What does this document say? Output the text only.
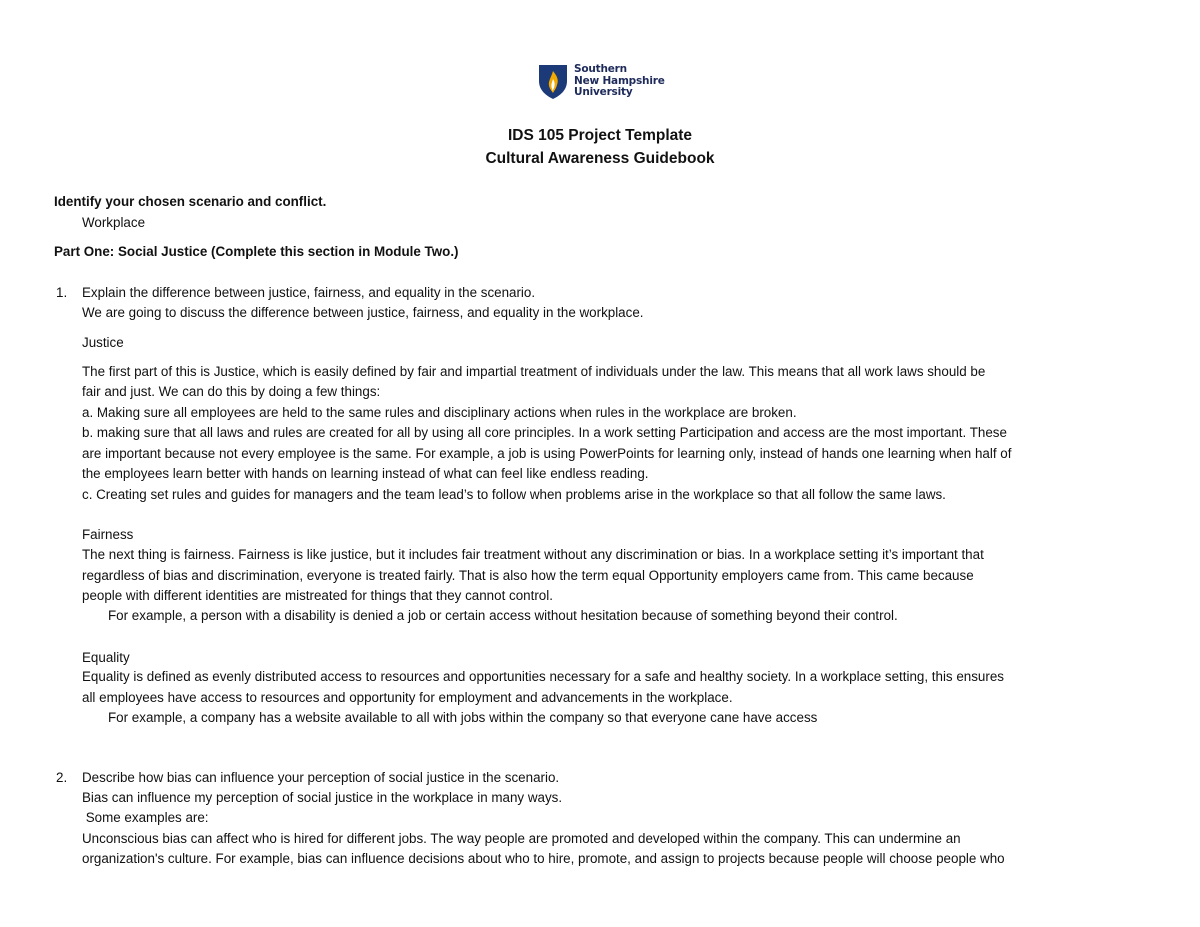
Southern
New Hampshire
University
IDS 105 Project Template
Cultural Awareness Guidebook
Identify your chosen scenario and conflict.
Workplace
Part One: Social Justice (Complete this section in Module Two.)
1. Explain the difference between justice, fairness, and equality in the scenario.
We are going to discuss the difference between justice, fairness, and equality in the workplace.
Justice
The first part of this is Justice, which is easily defined by fair and impartial treatment of individuals under the law. This means that all work laws should be
fair and just. We can do this by doing a few things:
a. Making sure all employees are held to the same rules and disciplinary actions when rules in the workplace are broken.
b. making sure that all laws and rules are created for all by using all core principles. In a work setting Participation and access are the most important. These
are important because not every employee is the same. For example, a job is using PowerPoints for learning only, instead of hands one learning when half of
the employees learn better with hands on learning instead of what can feel like endless reading.
c. Creating set rules and guides for managers and the team lead’s to follow when problems arise in the workplace so that all follow the same laws.
Fairness
The next thing is fairness. Fairness is like justice, but it includes fair treatment without any discrimination or bias. In a workplace setting it’s important that
regardless of bias and discrimination, everyone is treated fairly. That is also how the term equal Opportunity employers came from. This came because
people with different identities are mistreated for things that they cannot control.
For example, a person with a disability is denied a job or certain access without hesitation because of something beyond their control.
Equality
Equality is defined as evenly distributed access to resources and opportunities necessary for a safe and healthy society. In a workplace setting, this ensures
all employees have access to resources and opportunity for employment and advancements in the workplace.
For example, a company has a website available to all with jobs within the company so that everyone cane have access
2. Describe how bias can influence your perception of social justice in the scenario.
Bias can influence my perception of social justice in the workplace in many ways.
Some examples are:
Unconscious bias can affect who is hired for different jobs. The way people are promoted and developed within the company. This can undermine an
organization's culture. For example, bias can influence decisions about who to hire, promote, and assign to projects because people will choose people who
